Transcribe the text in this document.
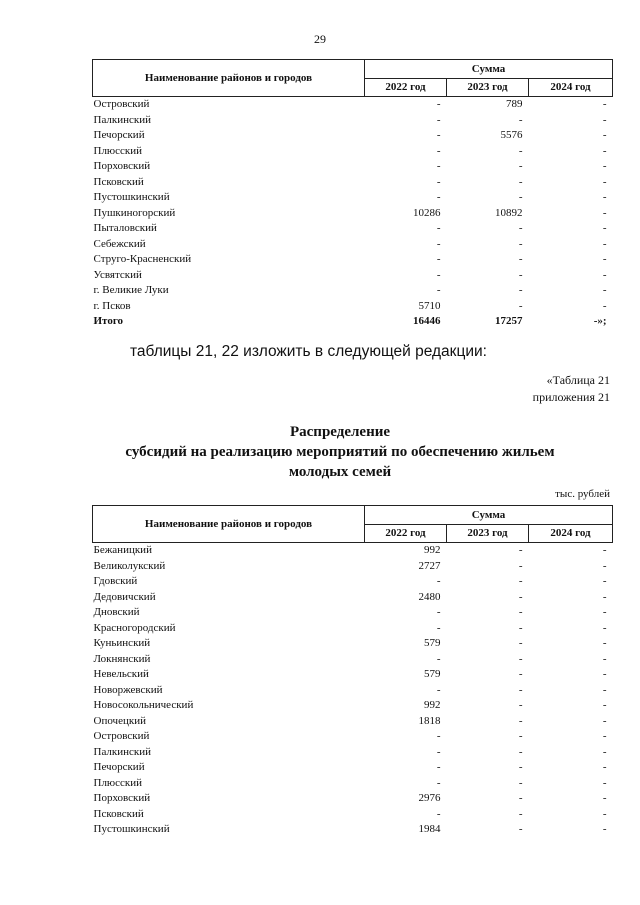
29
Наименование районов и городов	Сумма		
	2022 год	2023 год	2024 год
Островский	-	789	-
Палкинский	-	-	-
Печорский	-	5576	-
Плюсский	-	-	-
Порховский	-	-	-
Псковский	-	-	-
Пустошкинский	-	-	-
Пушкиногорский	10286	10892	-
Пыталовский	-	-	-
Себежский	-	-	-
Струго-Красненский	-	-	-
Усвятский	-	-	-
г. Великие Луки	-	-	-
г. Псков	5710	-	-
Итого	16446	17257	-»;
таблицы 21, 22 изложить в следующей редакции:
«Таблица 21
приложения 21
Распределение
субсидий на реализацию мероприятий по обеспечению жильем
молодых семей
тыс. рублей
Наименование районов и городов	Сумма		
	2022 год	2023 год	2024 год
Бежаницкий	992	-	-
Великолукский	2727	-	-
Гдовский	-	-	-
Дедовичский	2480	-	-
Дновский	-	-	-
Красногородский	-	-	-
Куньинский	579	-	-
Локнянский	-	-	-
Невельский	579	-	-
Новоржевский	-	-	-
Новосокольнический	992	-	-
Опочецкий	1818	-	-
Островский	-	-	-
Палкинский	-	-	-
Печорский	-	-	-
Плюсский	-	-	-
Порховский	2976	-	-
Псковский	-	-	-
Пустошкинский	1984	-	-
